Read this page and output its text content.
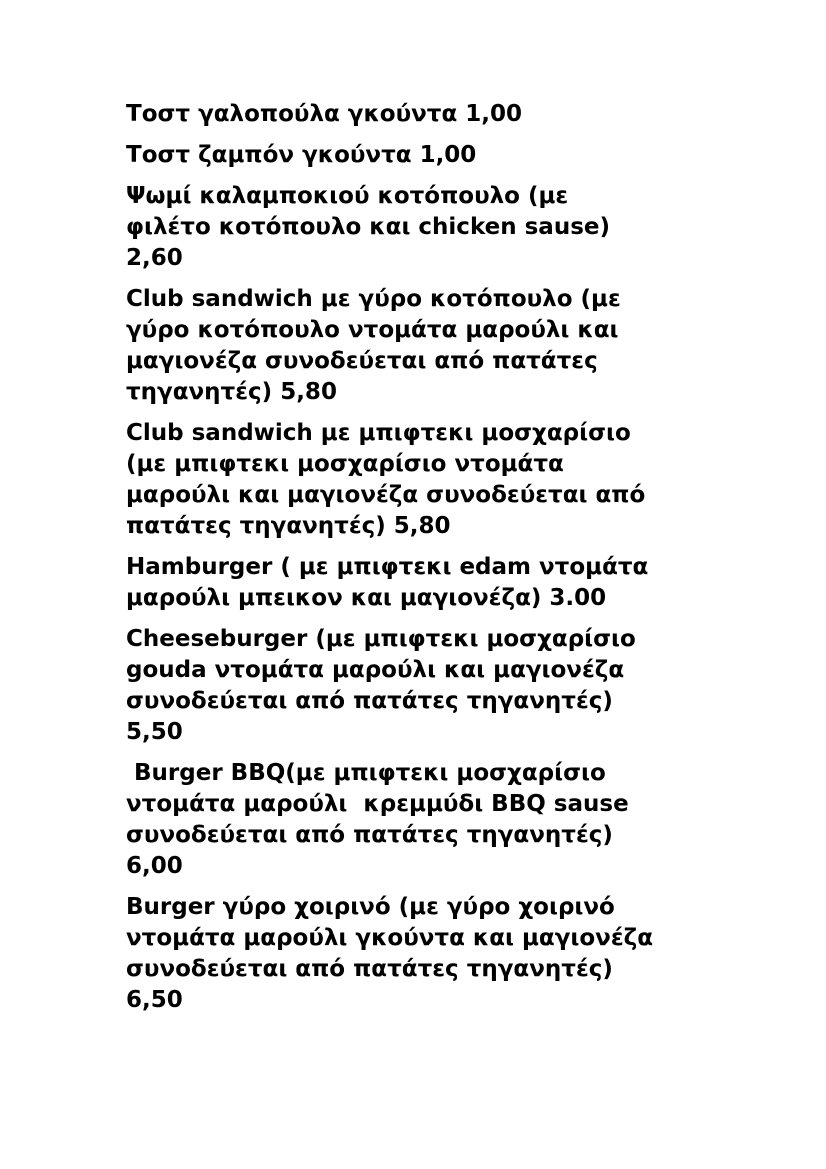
Τοστ γαλοπούλα γκούντα 1,00
Τοστ ζαμπόν γκούντα 1,00
Ψωμί καλαμποκιού κοτόπουλο (με
φιλέτο κοτόπουλο και chicken sause)
2,60
Club sandwich με γύρο κοτόπουλο (με
γύρο κοτόπουλο ντομάτα μαρούλι και
μαγιονέζα συνοδεύεται από πατάτες
τηγανητές) 5,80
Club sandwich με μπιφτεκι μοσχαρίσιο
(με μπιφτεκι μοσχαρίσιο ντομάτα
μαρούλι και μαγιονέζα συνοδεύεται από
πατάτες τηγανητές) 5,80
Hamburger ( με μπιφτεκι edam ντομάτα
μαρούλι μπεικον και μαγιονέζα) 3.00
Cheeseburger (με μπιφτεκι μοσχαρίσιο
gouda ντομάτα μαρούλι και μαγιονέζα
συνοδεύεται από πατάτες τηγανητές)
5,50
Burger BBQ(με μπιφτεκι μοσχαρίσιο
ντομάτα μαρούλι  κρεμμύδι BBQ sause
συνοδεύεται από πατάτες τηγανητές)
6,00
Burger γύρο χοιρινό (με γύρο χοιρινό
ντομάτα μαρούλι γκούντα και μαγιονέζα
συνοδεύεται από πατάτες τηγανητές)
6,50
